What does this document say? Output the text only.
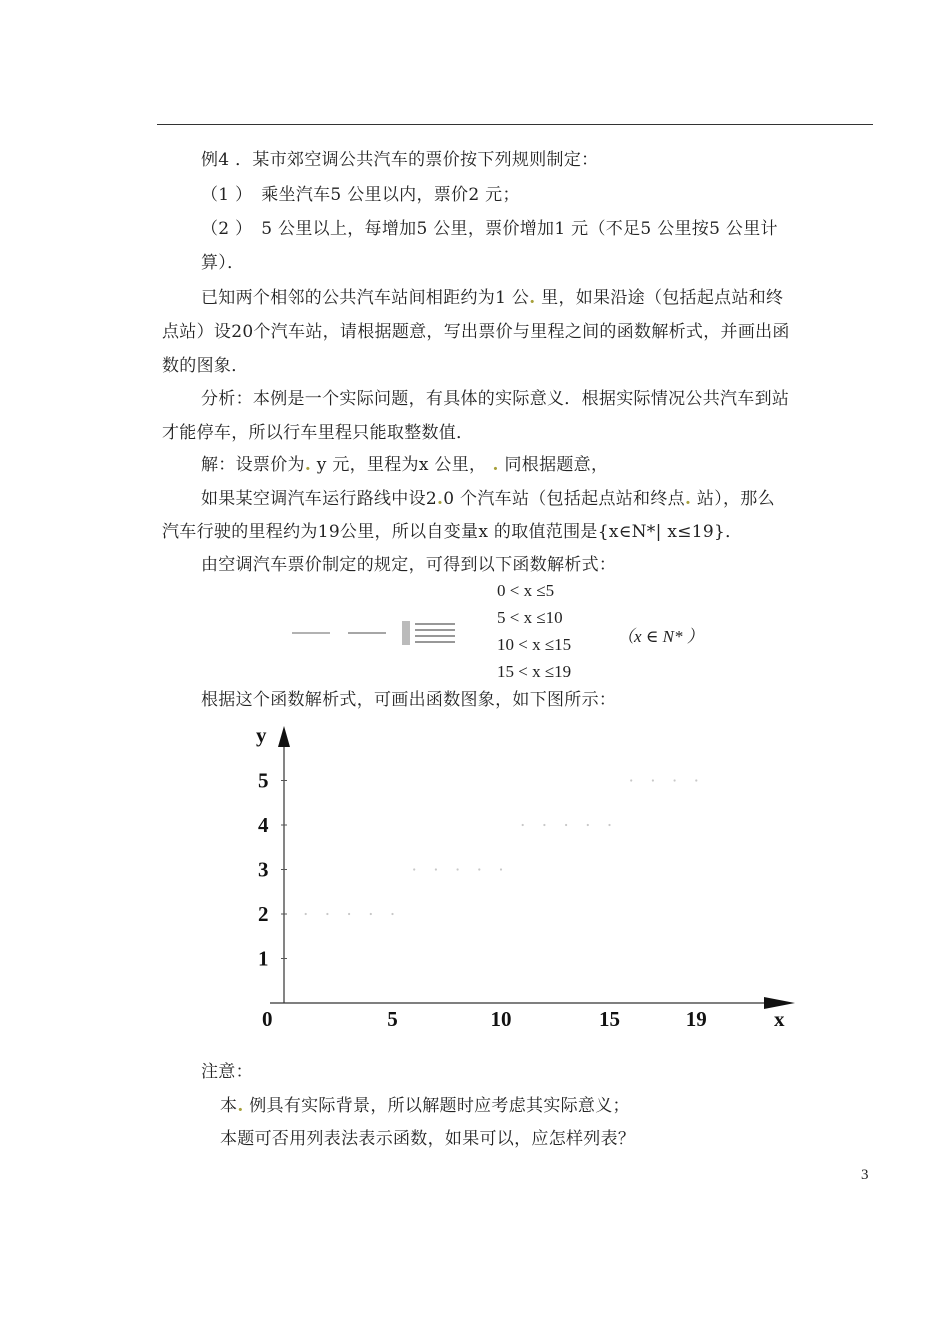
例4 ．某市郊空调公共汽车的票价按下列规则制定：
（1 ）　乘坐汽车5 公里以内，票价2 元；
（2 ）　5 公里以上，每增加5 公里，票价增加1 元（不足5 公里按5 公里计
算）．
已知两个相邻的公共汽车站间相距约为1 公. 里，如果沿途（包括起点站和终
点站）设20个汽车站，请根据题意，写出票价与里程之间的函数解析式，并画出函
数的图象．
分析：本例是一个实际问题，有具体的实际意义．根据实际情况公共汽车到站
才能停车，所以行车里程只能取整数值．
解：设票价为. y 元，里程为x 公里， . 同根据题意，
如果某空调汽车运行路线中设2.0 个汽车站（包括起点站和终点. 站），那么
汽车行驶的里程约为19公里，所以自变量x 的取值范围是{x∈N*| x≤19}．
由空调汽车票价制定的规定，可得到以下函数解析式：
0 < x ≤5
5 < x ≤10
10 < x ≤15
15 < x ≤19
（x ∈ N* ）
根据这个函数解析式，可画出函数图象，如下图所示：
1
2
3
4
5
0	5	10	15	19
y
x
注意：
本. 例具有实际背景，所以解题时应考虑其实际意义；
本题可否用列表法表示函数，如果可以，应怎样列表？
3
